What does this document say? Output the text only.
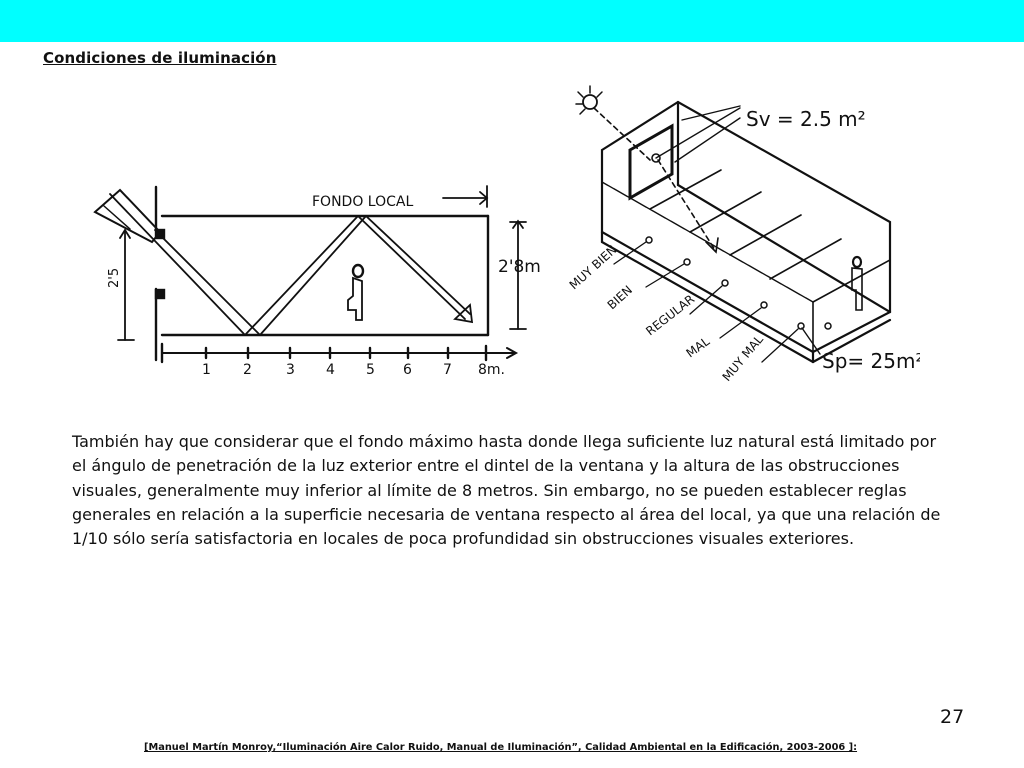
Condiciones de iluminación
FONDO LOCAL
2'8m
2'5
1 2 3 4 5 6 7 8m.
Sv = 2.5 m²
Sp= 25m²
MUY BIEN
BIEN REGULAR
MAL MUY MAL
También hay que considerar que el fondo máximo hasta donde llega suficiente luz natural está limitado por el ángulo de penetración de la luz exterior entre el dintel de la ventana y la altura de las obstrucciones visuales, generalmente muy inferior al límite de 8 metros. Sin embargo, no se pueden establecer reglas generales en relación a la superficie necesaria de ventana respecto al área del local, ya que una relación de 1/10 sólo sería satisfactoria en locales de poca profundidad sin obstrucciones visuales exteriores.
27
[Manuel Martín Monroy,“Iluminación Aire Calor Ruido, Manual de Iluminación”, Calidad Ambiental en la Edificación, 2003-2006 ]:
